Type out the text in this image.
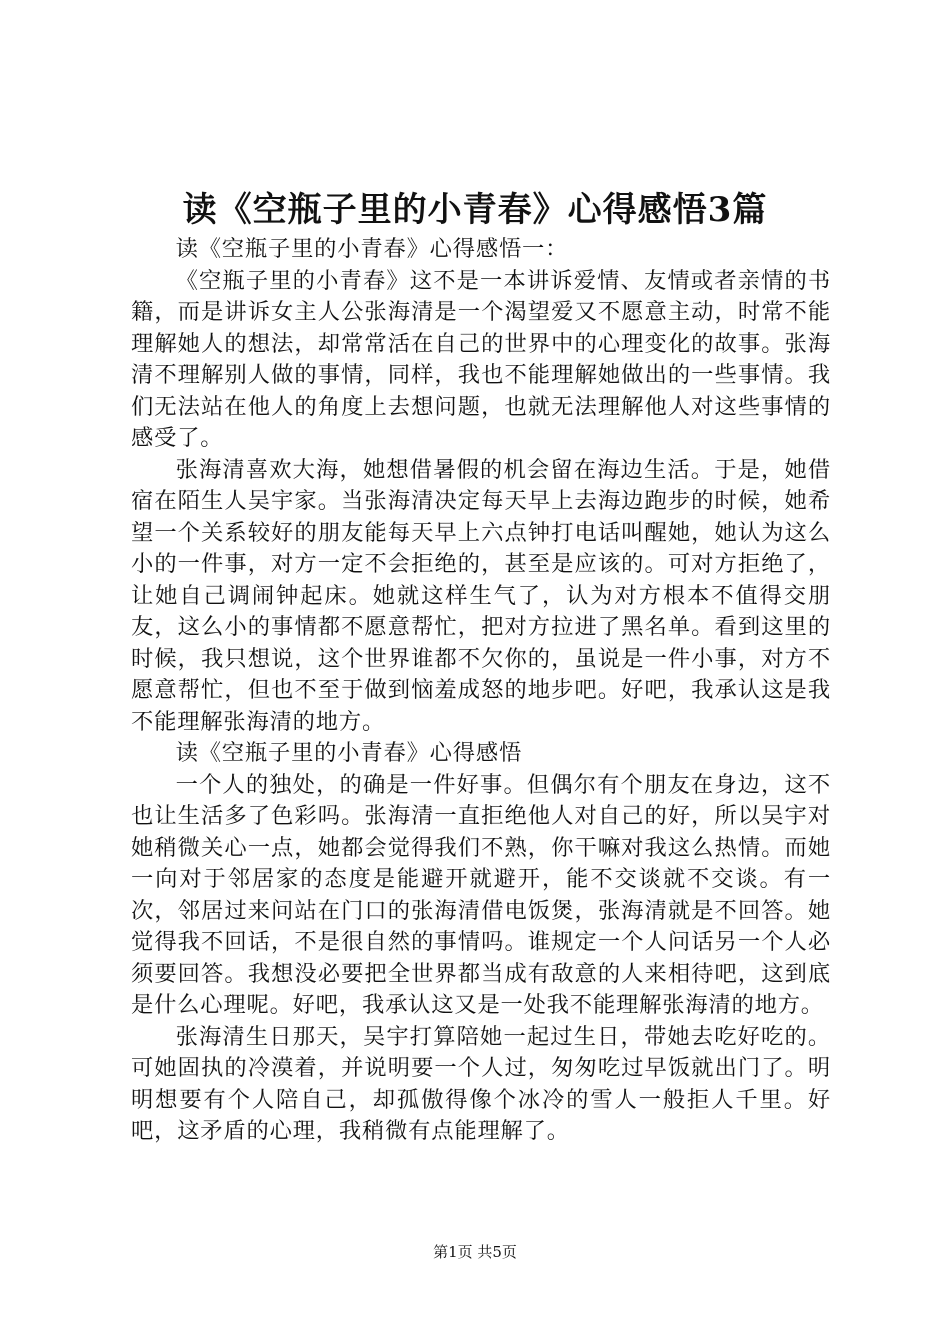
读《空瓶子里的小青春》心得感悟3篇

读《空瓶子里的小青春》心得感悟一：

《空瓶子里的小青春》这不是一本讲诉爱情、友情或者亲情的书籍，而是讲诉女主人公张海清是一个渴望爱又不愿意主动，时常不能理解她人的想法，却常常活在自己的世界中的心理变化的故事。张海清不理解别人做的事情，同样，我也不能理解她做出的一些事情。我们无法站在他人的角度上去想问题，也就无法理解他人对这些事情的感受了。

张海清喜欢大海，她想借暑假的机会留在海边生活。于是，她借宿在陌生人吴宇家。当张海清决定每天早上去海边跑步的时候，她希望一个关系较好的朋友能每天早上六点钟打电话叫醒她，她认为这么小的一件事，对方一定不会拒绝的，甚至是应该的。可对方拒绝了，让她自己调闹钟起床。她就这样生气了，认为对方根本不值得交朋友，这么小的事情都不愿意帮忙，把对方拉进了黑名单。看到这里的时候，我只想说，这个世界谁都不欠你的，虽说是一件小事，对方不愿意帮忙，但也不至于做到恼羞成怒的地步吧。好吧，我承认这是我不能理解张海清的地方。

读《空瓶子里的小青春》心得感悟

一个人的独处，的确是一件好事。但偶尔有个朋友在身边，这不也让生活多了色彩吗。张海清一直拒绝他人对自己的好，所以吴宇对她稍微关心一点，她都会觉得我们不熟，你干嘛对我这么热情。而她一向对于邻居家的态度是能避开就避开，能不交谈就不交谈。有一次，邻居过来问站在门口的张海清借电饭煲，张海清就是不回答。她觉得我不回话，不是很自然的事情吗。谁规定一个人问话另一个人必须要回答。我想没必要把全世界都当成有敌意的人来相待吧，这到底是什么心理呢。好吧，我承认这又是一处我不能理解张海清的地方。

张海清生日那天，吴宇打算陪她一起过生日，带她去吃好吃的。可她固执的冷漠着，并说明要一个人过，匆匆吃过早饭就出门了。明明想要有个人陪自己，却孤傲得像个冰冷的雪人一般拒人千里。好吧，这矛盾的心理，我稍微有点能理解了。

第1页 共5页
